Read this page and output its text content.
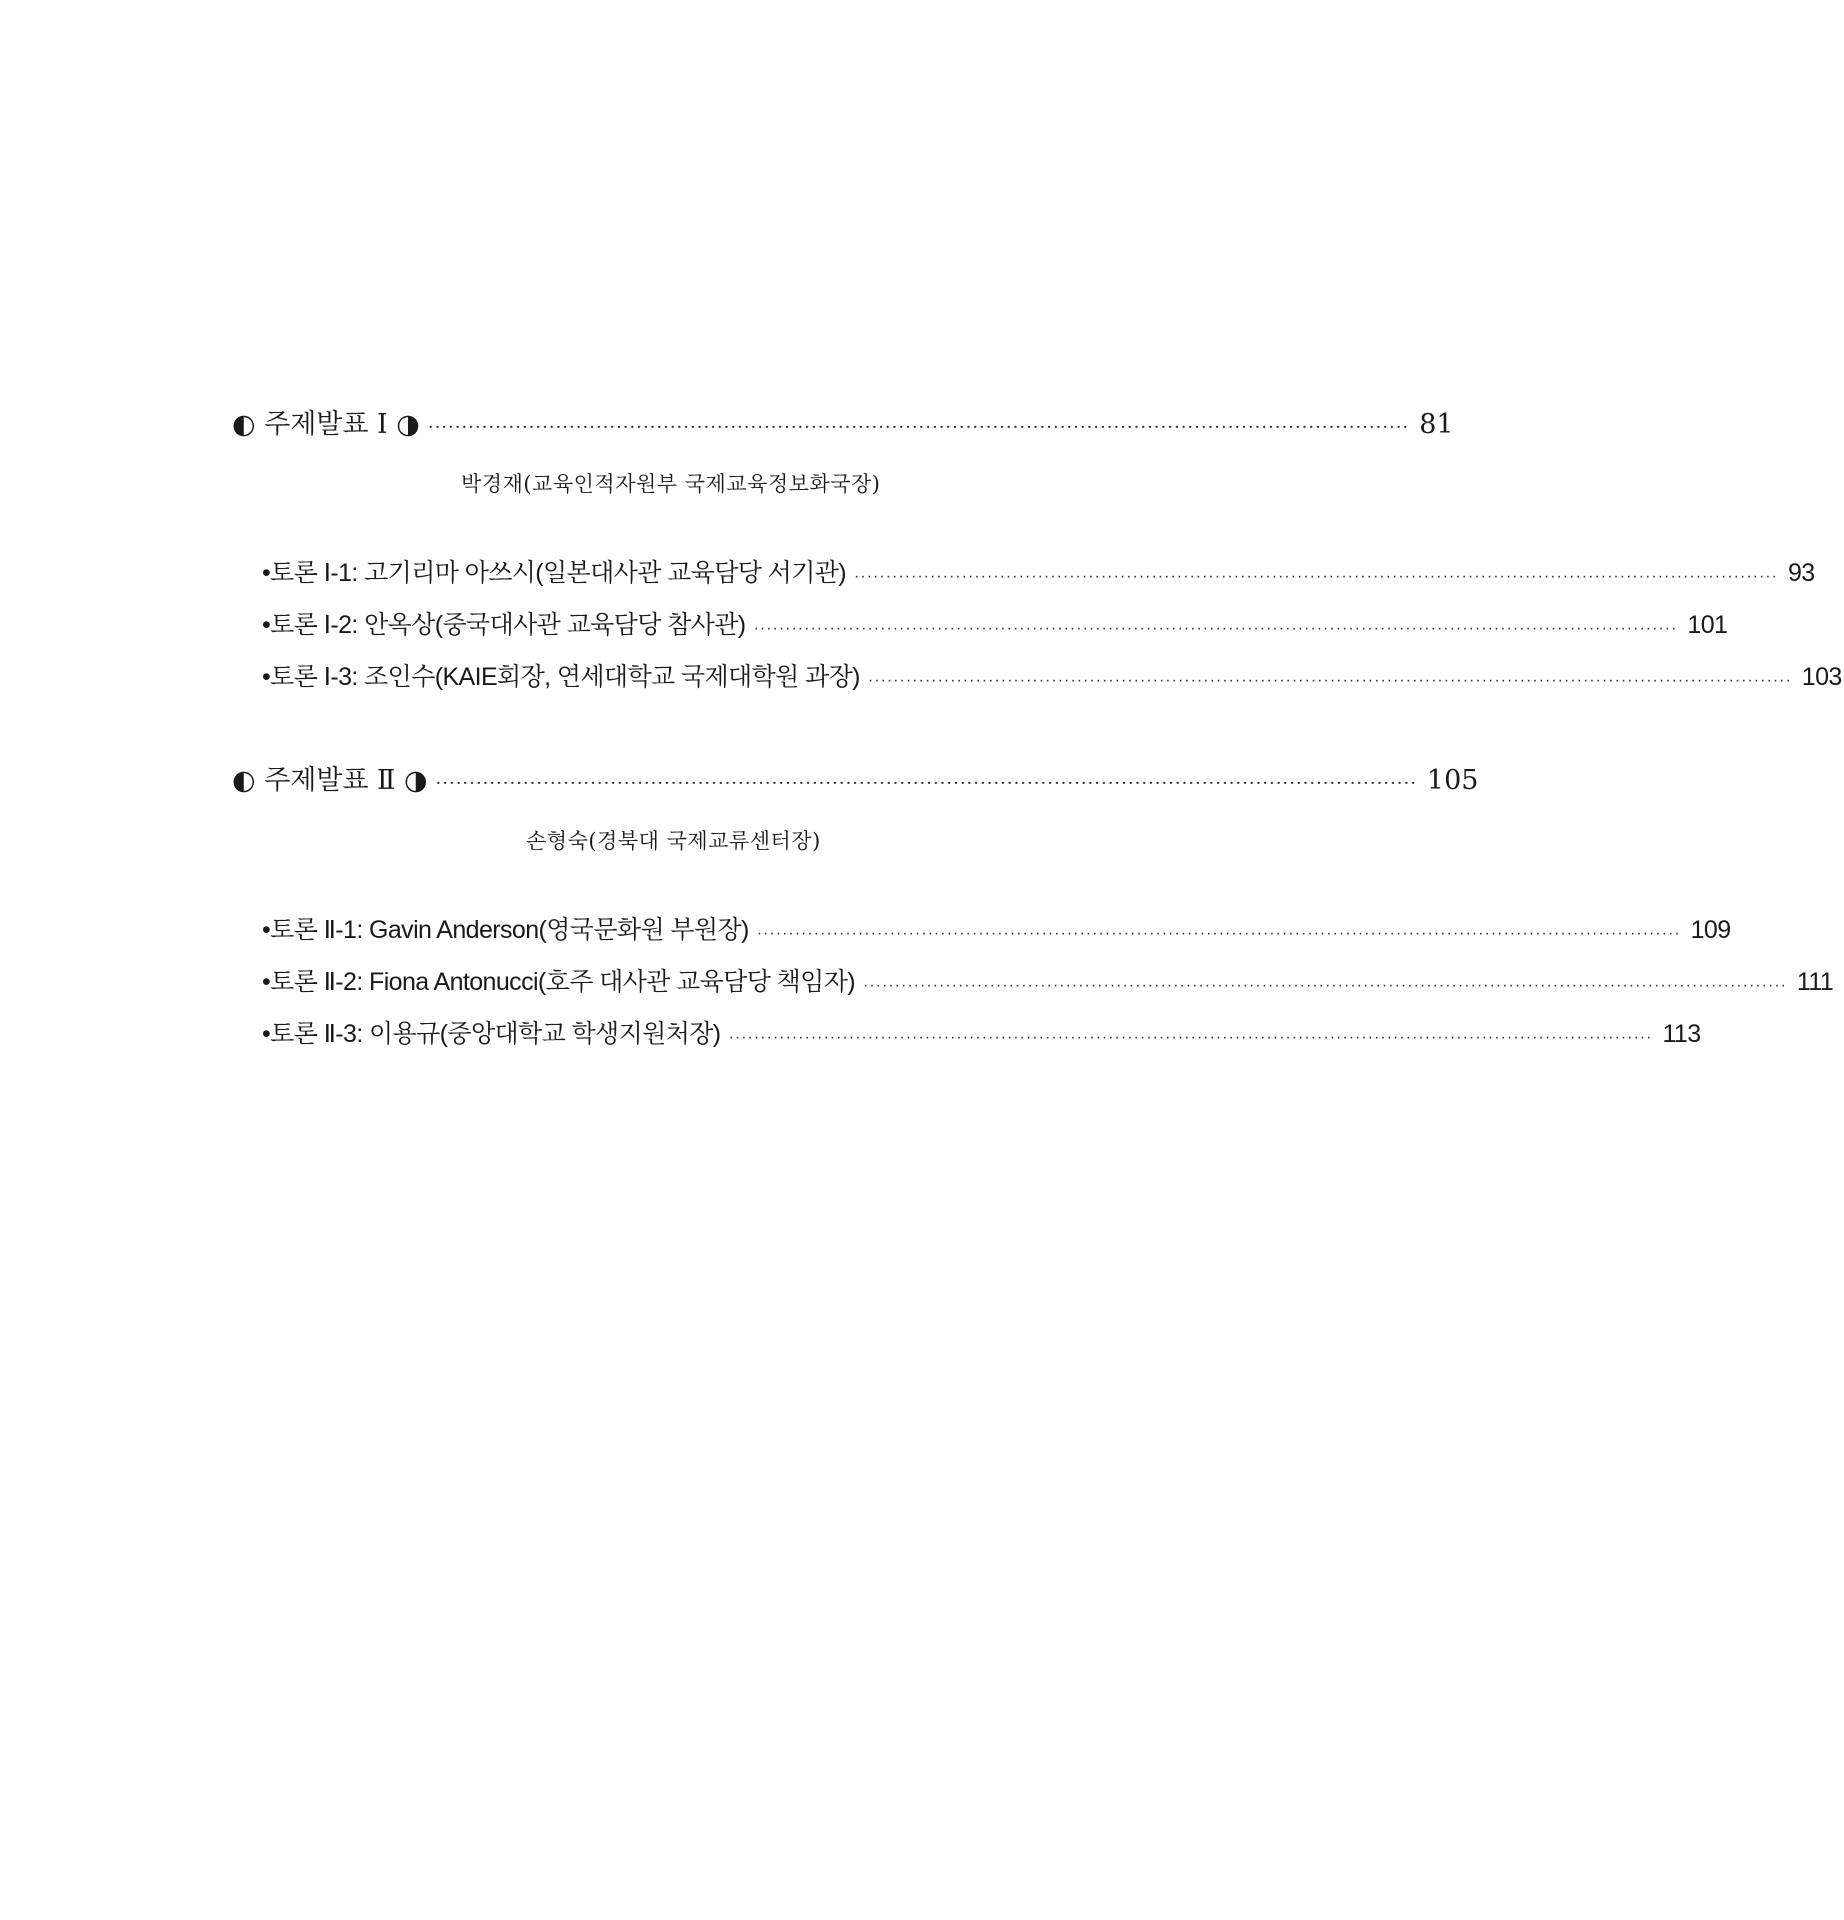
◐ 주제발표 Ⅰ ◑ ·················································································································································· 81
박경재(교육인적자원부 국제교육정보화국장)
•토론 Ⅰ-1: 고기리마 아쓰시(일본대사관 교육담당 서기관) ·················································································································································· 93
•토론 Ⅰ-2: 안옥상(중국대사관 교육담당 참사관) ·················································································································································· 101
•토론 Ⅰ-3: 조인수(KAIE회장, 연세대학교 국제대학원 과장) ·················································································································································· 103
◐ 주제발표 Ⅱ ◑ ·················································································································································· 105
손형숙(경북대 국제교류센터장)
•토론 Ⅱ-1: Gavin Anderson(영국문화원 부원장) ·················································································································································· 109
•토론 Ⅱ-2: Fiona Antonucci(호주 대사관 교육담당 책임자) ·················································································································································· 111
•토론 Ⅱ-3: 이용규(중앙대학교 학생지원처장) ·················································································································································· 113
